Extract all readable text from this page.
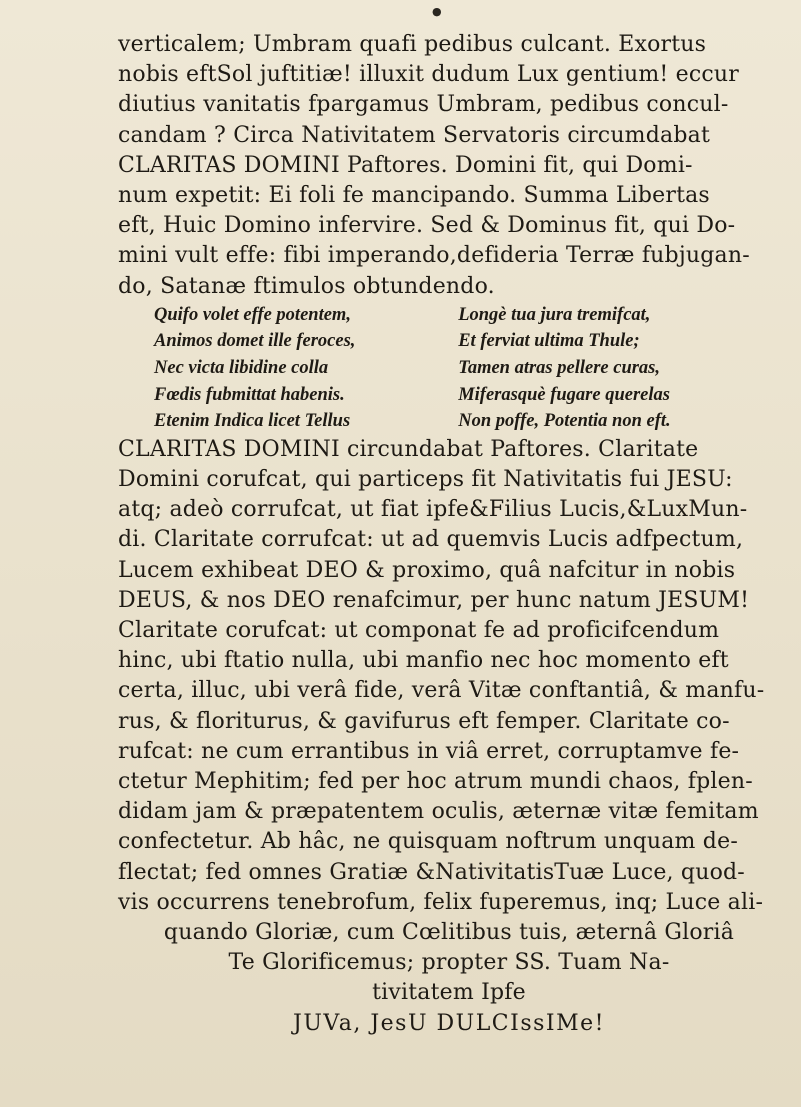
●
verticalem; Umbram quafi pedibus culcant. Exortus
nobis eftSol juftitiæ! illuxit dudum Lux gentium! eccur
diutius vanitatis fpargamus Umbram, pedibus concul-
candam ? Circa Nativitatem Servatoris circumdabat
CLARITAS DOMINI Paftores. Domini fit, qui Domi-
num expetit: Ei foli fe mancipando. Summa Libertas
eft, Huic Domino infervire. Sed & Dominus fit, qui Do-
mini vult effe: fibi imperando,defideria Terræ fubjugan-
do, Satanæ ftimulos obtundendo.
Quifo volet effe potentem,	Longè tua jura tremifcat,
Animos domet ille feroces,	Et ferviat ultima Thule;
Nec victa libidine colla	Tamen atras pellere curas,
Fœdis fubmittat habenis.	Miferasquè fugare querelas
Etenim Indica licet Tellus	Non poffe, Potentia non eft.
CLARITAS DOMINI circundabat Paftores. Claritate
Domini corufcat, qui particeps fit Nativitatis fui JESU:
atq; adeò corrufcat, ut fiat ipfe&Filius Lucis,&LuxMun-
di. Claritate corrufcat: ut ad quemvis Lucis adfpectum,
Lucem exhibeat DEO & proximo, quâ nafcitur in nobis
DEUS, & nos DEO renafcimur, per hunc natum JESUM!
Claritate corufcat: ut componat fe ad proficifcendum
hinc, ubi ftatio nulla, ubi manfio nec hoc momento eft
certa, illuc, ubi verâ fide, verâ Vitæ conftantiâ, & manfu-
rus, & floriturus, & gavifurus eft femper. Claritate co-
rufcat: ne cum errantibus in viâ erret, corruptamve fe-
ctetur Mephitim; fed per hoc atrum mundi chaos, fplen-
didam jam & præpatentem oculis, æternæ vitæ femitam
confectetur. Ab hâc, ne quisquam noftrum unquam de-
flectat; fed omnes Gratiæ &NativitatisTuæ Luce, quod-
vis occurrens tenebrofum, felix fuperemus, inq; Luce ali-
quando Gloriæ, cum Cœlitibus tuis, æternâ Gloriâ
Te Glorificemus; propter SS. Tuam Na-
tivitatem Ipfe
JUVa, JesU DULCIssIMe!
